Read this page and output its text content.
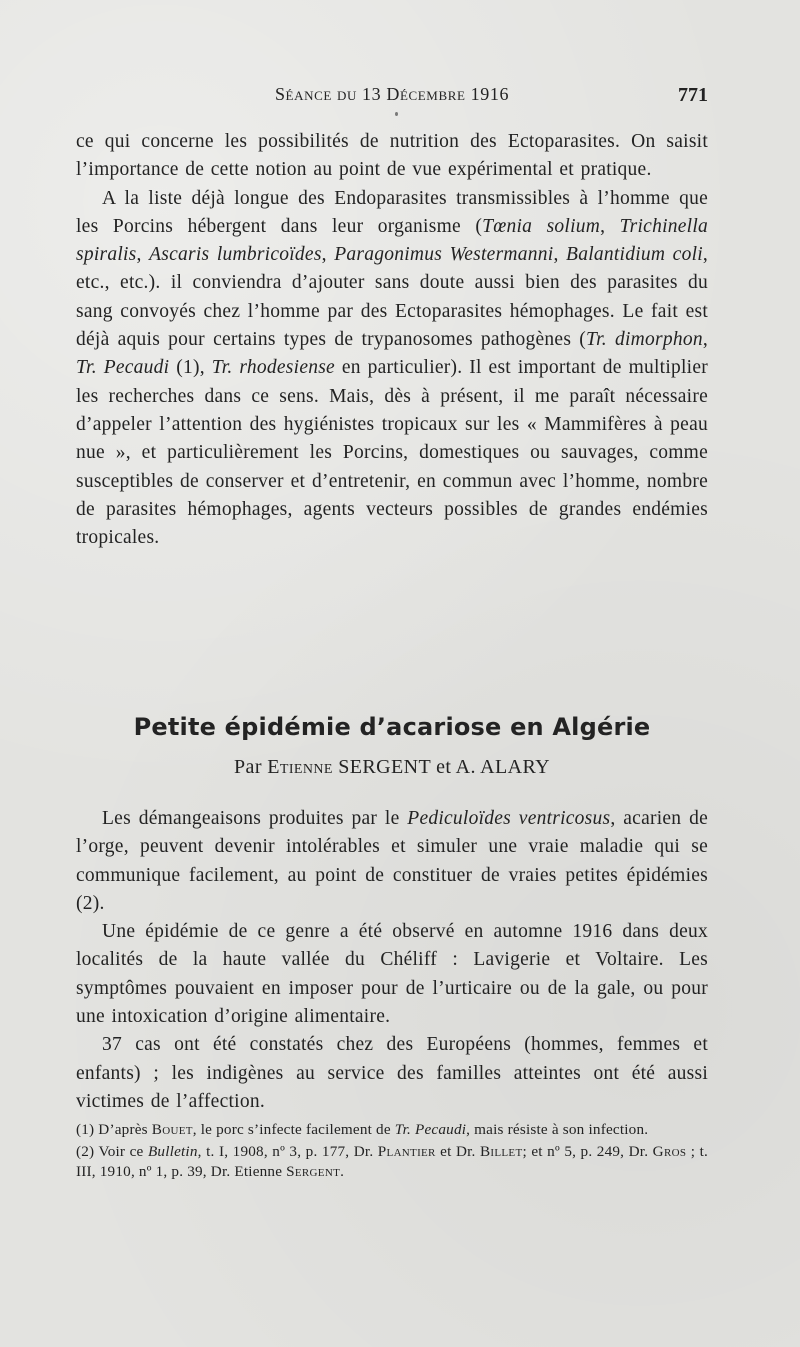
Séance du 13 Décembre 1916	771

ce qui concerne les possibilités de nutrition des Ectoparasites. On saisit l’importance de cette notion au point de vue expérimental et pratique.

A la liste déjà longue des Endoparasites transmissibles à l’homme que les Porcins hébergent dans leur organisme (Tœnia solium, Trichinella spiralis, Ascaris lumbricoïdes, Paragonimus Westermanni, Balantidium coli, etc., etc.). il conviendra d’ajouter sans doute aussi bien des parasites du sang convoyés chez l’homme par des Ectoparasites hémophages. Le fait est déjà aquis pour certains types de trypanosomes pathogènes (Tr. dimorphon, Tr. Pecaudi (1), Tr. rhodesiense en particulier). Il est important de multiplier les recherches dans ce sens. Mais, dès à présent, il me paraît nécessaire d’appeler l’attention des hygiénistes tropicaux sur les « Mammifères à peau nue », et particulièrement les Porcins, domestiques ou sauvages, comme susceptibles de conserver et d’entretenir, en commun avec l’homme, nombre de parasites hémophages, agents vecteurs possibles de grandes endémies tropicales.

Petite épidémie d’acariose en Algérie
Par Etienne SERGENT et A. ALARY

Les démangeaisons produites par le Pediculoïdes ventricosus, acarien de l’orge, peuvent devenir intolérables et simuler une vraie maladie qui se communique facilement, au point de constituer de vraies petites épidémies (2).

Une épidémie de ce genre a été observé en automne 1916 dans deux localités de la haute vallée du Chéliff : Lavigerie et Voltaire. Les symptômes pouvaient en imposer pour de l’urticaire ou de la gale, ou pour une intoxication d’origine alimentaire.

37 cas ont été constatés chez des Européens (hommes, femmes et enfants) ; les indigènes au service des familles atteintes ont été aussi victimes de l’affection.

(1) D’après Bouet, le porc s’infecte facilement de Tr. Pecaudi, mais résiste à son infection.

(2) Voir ce Bulletin, t. I, 1908, nº 3, p. 177, Dr. Plantier et Dr. Billet; et nº 5, p. 249, Dr. Gros ; t. III, 1910, nº 1, p. 39, Dr. Etienne Sergent.
